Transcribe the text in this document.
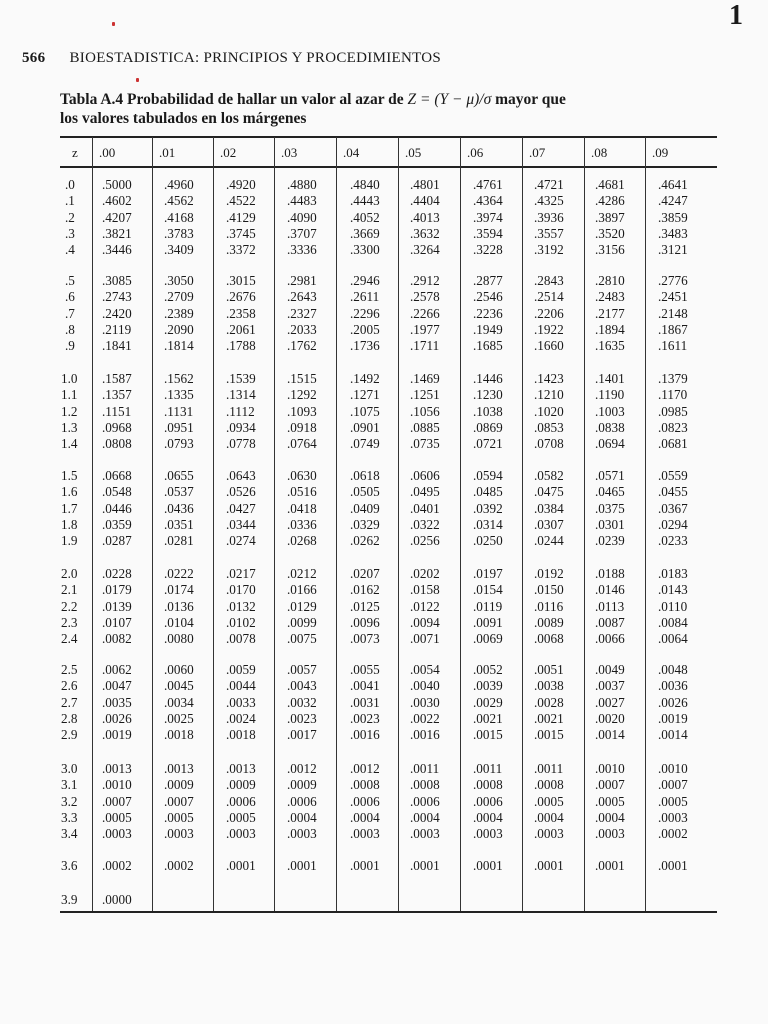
1
566 BIOESTADISTICA: PRINCIPIOS Y PROCEDIMIENTOS
Tabla A.4 Probabilidad de hallar un valor al azar de Z = (Y − μ)/σ mayor que
los valores tabulados en los márgenes
z .00	.01	.02	.03	.04	.05	.06	.07	.08	.09
.0 .5000 .4960 .4920 .4880	.4840 .4801	.4761 .4721 .4681	.4641
.1 .4602 .4562 .4522 .4483	.4443 .4404	.4364 .4325 .4286	.4247
.2 .4207 .4168 .4129 .4090	.4052 .4013	.3974 .3936 .3897	.3859
.3 .3821 .3783 .3745 .3707	.3669 .3632	.3594 .3557 .3520	.3483
.4 .3446 .3409 .3372 .3336	.3300 .3264	.3228 .3192 .3156	.3121
.5 .3085 .3050 .3015 .2981	.2946 .2912	.2877 .2843 .2810	.2776
.6 .2743 .2709 .2676 .2643	.2611 .2578	.2546 .2514 .2483	.2451
.7 .2420 .2389 .2358 .2327	.2296 .2266	.2236 .2206 .2177	.2148
.8 .2119 .2090 .2061 .2033	.2005 .1977	.1949 .1922 .1894	.1867
.9 .1841 .1814 .1788 .1762	.1736 .1711	.1685 .1660 .1635	.1611
1.0 .1587 .1562 .1539 .1515	.1492 .1469	.1446 .1423 .1401	.1379
1.1 .1357 .1335 .1314 .1292	.1271 .1251	.1230 .1210 .1190	.1170
1.2 .1151 .1131 .1112 .1093	.1075 .1056	.1038 .1020 .1003	.0985
1.3 .0968 .0951 .0934 .0918	.0901 .0885	.0869 .0853 .0838	.0823
1.4 .0808 .0793 .0778 .0764	.0749 .0735	.0721 .0708 .0694	.0681
1.5 .0668 .0655 .0643 .0630	.0618 .0606	.0594 .0582 .0571	.0559
1.6 .0548 .0537 .0526 .0516	.0505 .0495	.0485 .0475 .0465	.0455
1.7 .0446 .0436 .0427 .0418	.0409 .0401	.0392 .0384 .0375	.0367
1.8 .0359 .0351 .0344 .0336	.0329 .0322	.0314 .0307 .0301	.0294
1.9 .0287 .0281 .0274 .0268	.0262 .0256	.0250 .0244 .0239	.0233
2.0 .0228 .0222 .0217 .0212	.0207 .0202	.0197 .0192 .0188	.0183
2.1 .0179 .0174 .0170 .0166	.0162 .0158	.0154 .0150 .0146	.0143
2.2 .0139 .0136 .0132 .0129	.0125 .0122	.0119 .0116 .0113	.0110
2.3 .0107 .0104 .0102 .0099	.0096 .0094	.0091 .0089 .0087	.0084
2.4 .0082 .0080 .0078 .0075	.0073 .0071	.0069 .0068 .0066	.0064
2.5 .0062 .0060 .0059 .0057	.0055 .0054	.0052 .0051 .0049	.0048
2.6 .0047 .0045 .0044 .0043	.0041 .0040	.0039 .0038 .0037	.0036
2.7 .0035 .0034 .0033 .0032	.0031 .0030	.0029 .0028 .0027	.0026
2.8 .0026 .0025 .0024 .0023	.0023 .0022	.0021 .0021 .0020	.0019
2.9 .0019 .0018 .0018 .0017	.0016 .0016	.0015 .0015 .0014	.0014
3.0 .0013 .0013 .0013 .0012	.0012 .0011	.0011 .0011 .0010	.0010
3.1 .0010 .0009 .0009 .0009	.0008 .0008	.0008 .0008 .0007	.0007
3.2 .0007 .0007 .0006 .0006	.0006 .0006	.0006 .0005 .0005	.0005
3.3 .0005 .0005 .0005 .0004	.0004 .0004	.0004 .0004 .0004	.0003
3.4 .0003 .0003 .0003 .0003	.0003 .0003	.0003 .0003 .0003	.0002
3.6 .0002 .0002 .0001 .0001	.0001 .0001	.0001 .0001 .0001	.0001
3.9 .0000
